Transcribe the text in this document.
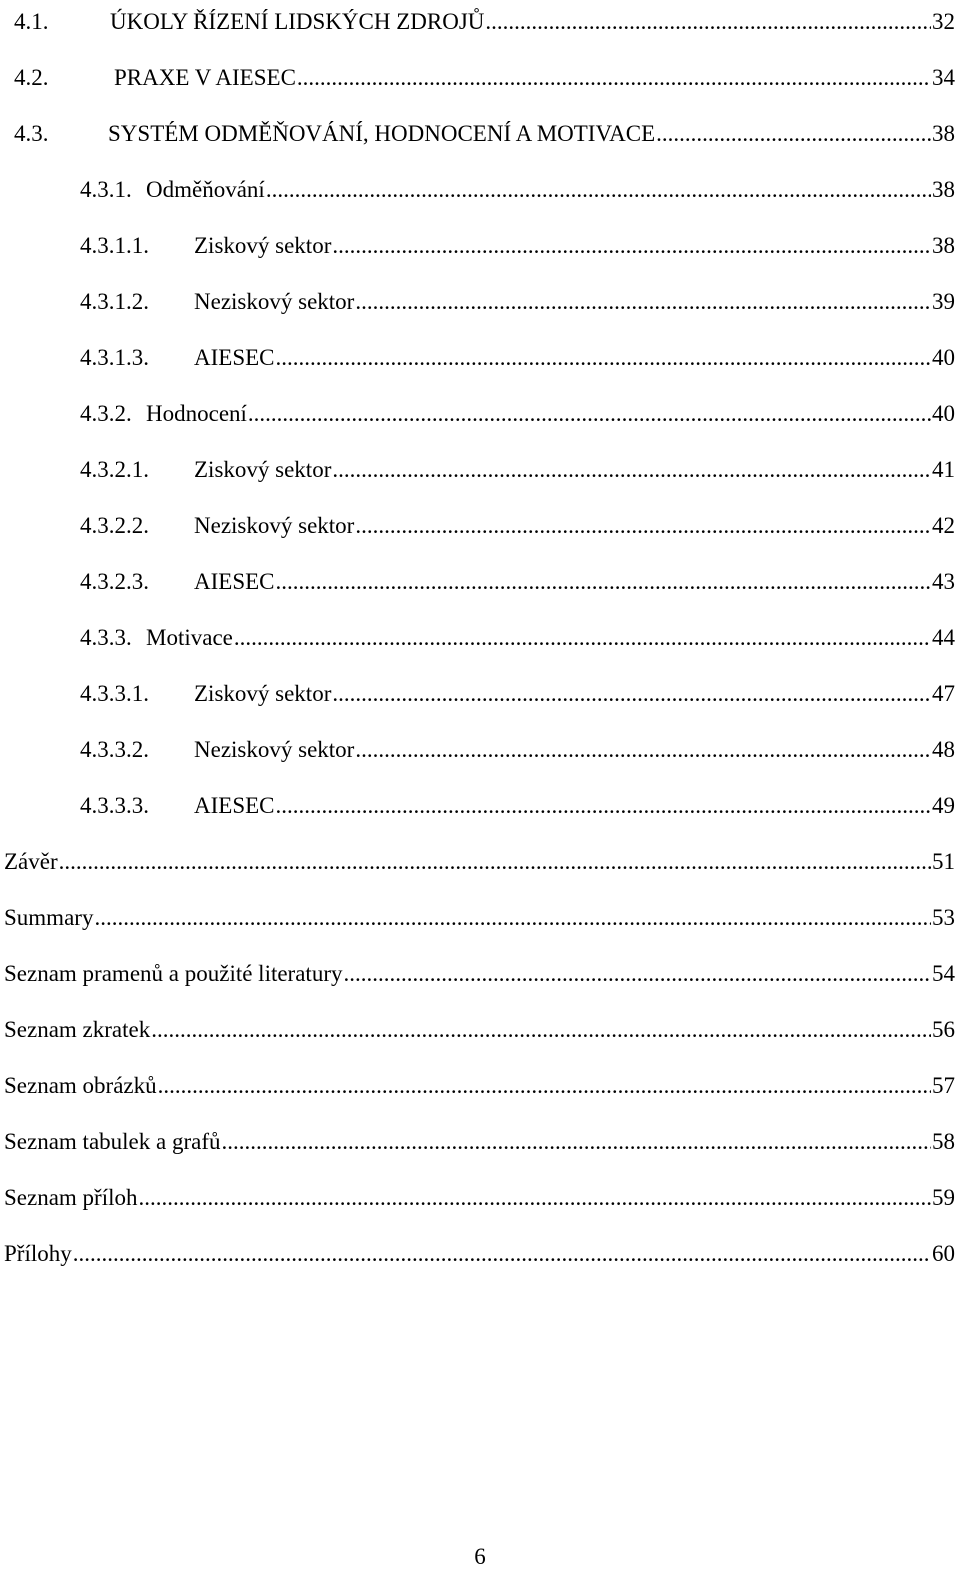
4.1.	ÚKOLY ŘÍZENÍ LIDSKÝCH ZDROJŮ .....	32
4.2.	PRAXE V AIESEC .....	34
4.3.	SYSTÉM ODMĚŇOVÁNÍ, HODNOCENÍ A MOTIVACE .....	38
4.3.1. Odměňování .....	38
4.3.1.1.	Ziskový sektor .....	38
4.3.1.2.	Neziskový sektor .....	39
4.3.1.3.	AIESEC .....	40
4.3.2. Hodnocení .....	40
4.3.2.1.	Ziskový sektor .....	41
4.3.2.2.	Neziskový sektor .....	42
4.3.2.3.	AIESEC .....	43
4.3.3. Motivace .....	44
4.3.3.1.	Ziskový sektor .....	47
4.3.3.2.	Neziskový sektor .....	48
4.3.3.3.	AIESEC .....	49
Závěr .....	51
Summary .....	53
Seznam pramenů a použité literatury .....	54
Seznam zkratek .....	56
Seznam obrázků .....	57
Seznam tabulek a grafů .....	58
Seznam příloh .....	59
Přílohy .....	60
6
